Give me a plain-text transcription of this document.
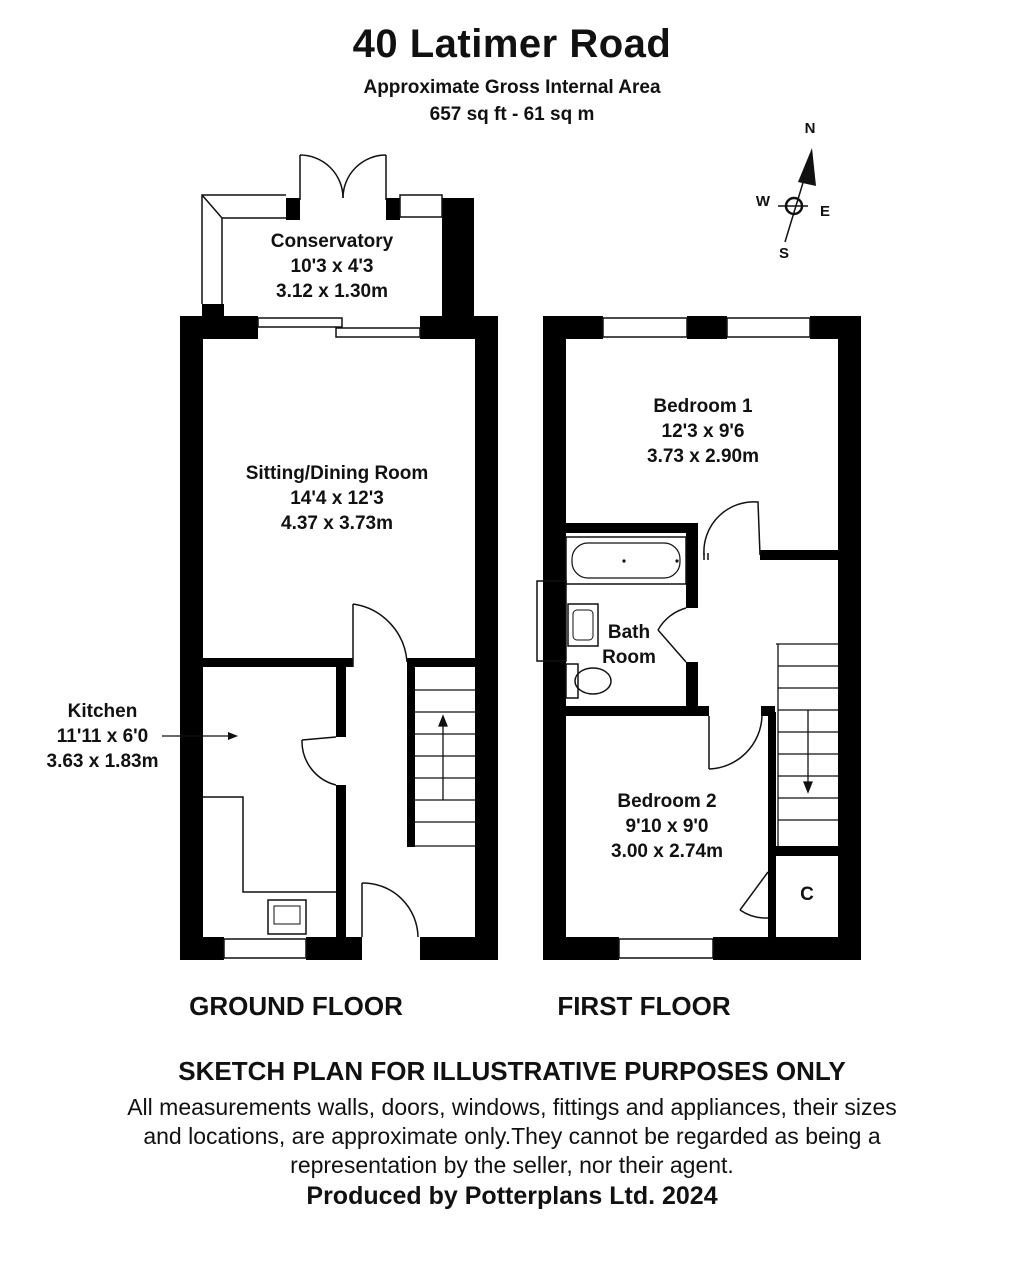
40 Latimer Road
Approximate Gross Internal Area
657 sq ft - 61 sq m
N
W
E
S
Conservatory
10'3 x 4'3
3.12 x 1.30m
Sitting/Dining Room
14'4 x 12'3
4.37 x 3.73m
Kitchen
11'11 x 6'0
3.63 x 1.83m
Bedroom 1
12'3 x 9'6
3.73 x 2.90m
Bath
Room
Bedroom 2
9'10 x 9'0
3.00 x 2.74m
C
GROUND FLOOR	FIRST FLOOR
SKETCH PLAN FOR ILLUSTRATIVE PURPOSES ONLY
All measurements walls, doors, windows, fittings and appliances, their sizes
and locations, are approximate only.They cannot be regarded as being a
representation by the seller, nor their agent.
Produced by Potterplans Ltd. 2024
